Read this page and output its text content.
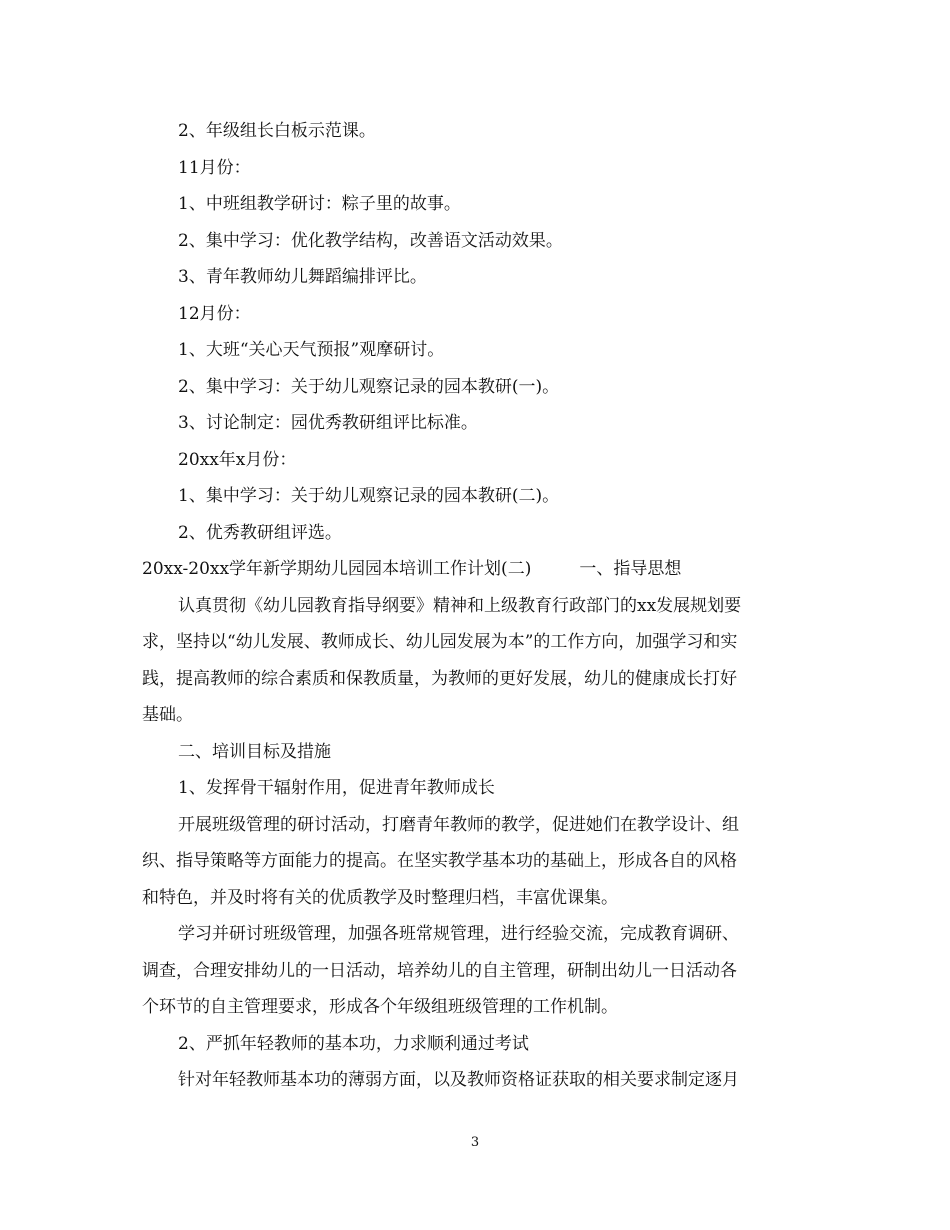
2、年级组长白板示范课。
11月份：
1、中班组教学研讨：粽子里的故事。
2、集中学习：优化教学结构，改善语文活动效果。
3、青年教师幼儿舞蹈编排评比。
12月份：
1、大班“关心天气预报”观摩研讨。
2、集中学习：关于幼儿观察记录的园本教研(一)。
3、讨论制定：园优秀教研组评比标准。
20xx年x月份：
1、集中学习：关于幼儿观察记录的园本教研(二)。
2、优秀教研组评选。
20xx-20xx学年新学期幼儿园园本培训工作计划(二)	一、指导思想
认真贯彻《幼儿园教育指导纲要》精神和上级教育行政部门的xx发展规划要
求，坚持以“幼儿发展、教师成长、幼儿园发展为本”的工作方向，加强学习和实
践，提高教师的综合素质和保教质量，为教师的更好发展，幼儿的健康成长打好
基础。
二、培训目标及措施
1、发挥骨干辐射作用，促进青年教师成长
开展班级管理的研讨活动，打磨青年教师的教学，促进她们在教学设计、组
织、指导策略等方面能力的提高。在坚实教学基本功的基础上，形成各自的风格
和特色，并及时将有关的优质教学及时整理归档，丰富优课集。
学习并研讨班级管理，加强各班常规管理，进行经验交流，完成教育调研、
调查，合理安排幼儿的一日活动，培养幼儿的自主管理，研制出幼儿一日活动各
个环节的自主管理要求，形成各个年级组班级管理的工作机制。
2、严抓年轻教师的基本功，力求顺利通过考试
针对年轻教师基本功的薄弱方面，以及教师资格证获取的相关要求制定逐月
3
